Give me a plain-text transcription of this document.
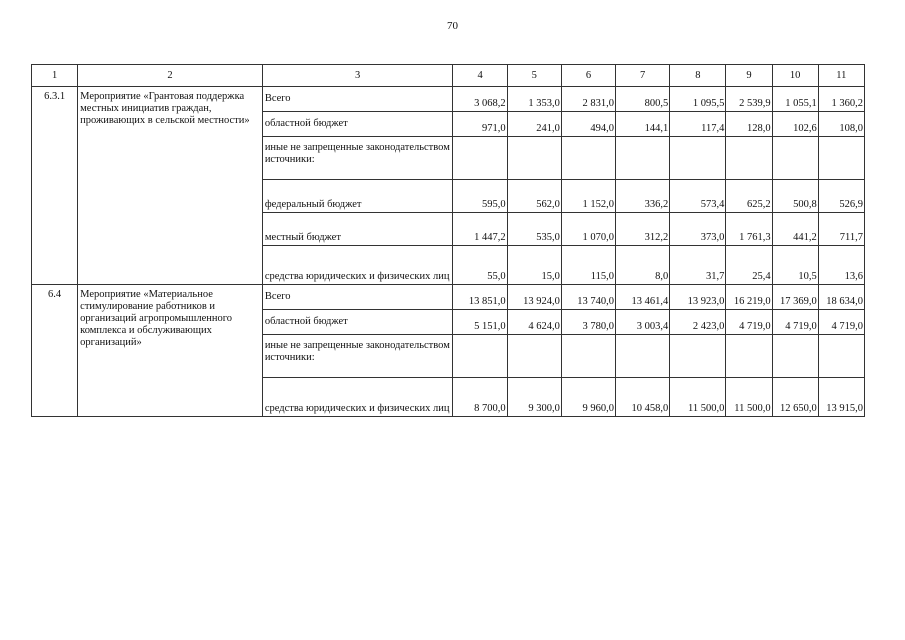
70
1	2	3	4	5	6	7	8	9	10	11
6.3.1	Мероприятие «Грантовая поддержка местных инициатив граждан, проживающих в сельской местности»	Всего	3 068,2	1 353,0	2 831,0	800,5	1 095,5	2 539,9	1 055,1	1 360,2
		областной бюджет	971,0	241,0	494,0	144,1	117,4	128,0	102,6	108,0
		иные не запрещенные законодательством источники:								
		федеральный бюджет	595,0	562,0	1 152,0	336,2	573,4	625,2	500,8	526,9
		местный бюджет	1 447,2	535,0	1 070,0	312,2	373,0	1 761,3	441,2	711,7
		средства юридических и физических лиц	55,0	15,0	115,0	8,0	31,7	25,4	10,5	13,6
6.4	Мероприятие «Материальное стимулирование работников и организаций агропромышленного комплекса и обслуживающих организаций»	Всего	13 851,0	13 924,0	13 740,0	13 461,4	13 923,0	16 219,0	17 369,0	18 634,0
		областной бюджет	5 151,0	4 624,0	3 780,0	3 003,4	2 423,0	4 719,0	4 719,0	4 719,0
		иные не запрещенные законодательством источники:								
		средства юридических и физических лиц	8 700,0	9 300,0	9 960,0	10 458,0	11 500,0	11 500,0	12 650,0	13 915,0
